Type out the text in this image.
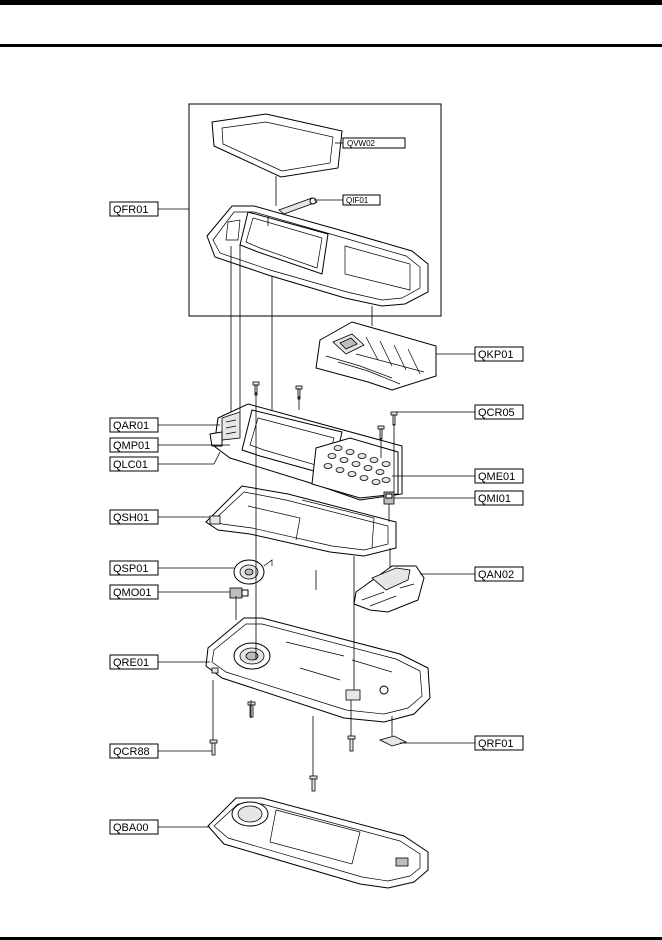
QVW02
QIF01
QFR01
QKP01
QAR01
QCR05
QMP01
QLC01
QME01
QMI01
QSH01
QSP01	QAN02
QMO01
QRE01
QCR88
QRF01
QBA00
